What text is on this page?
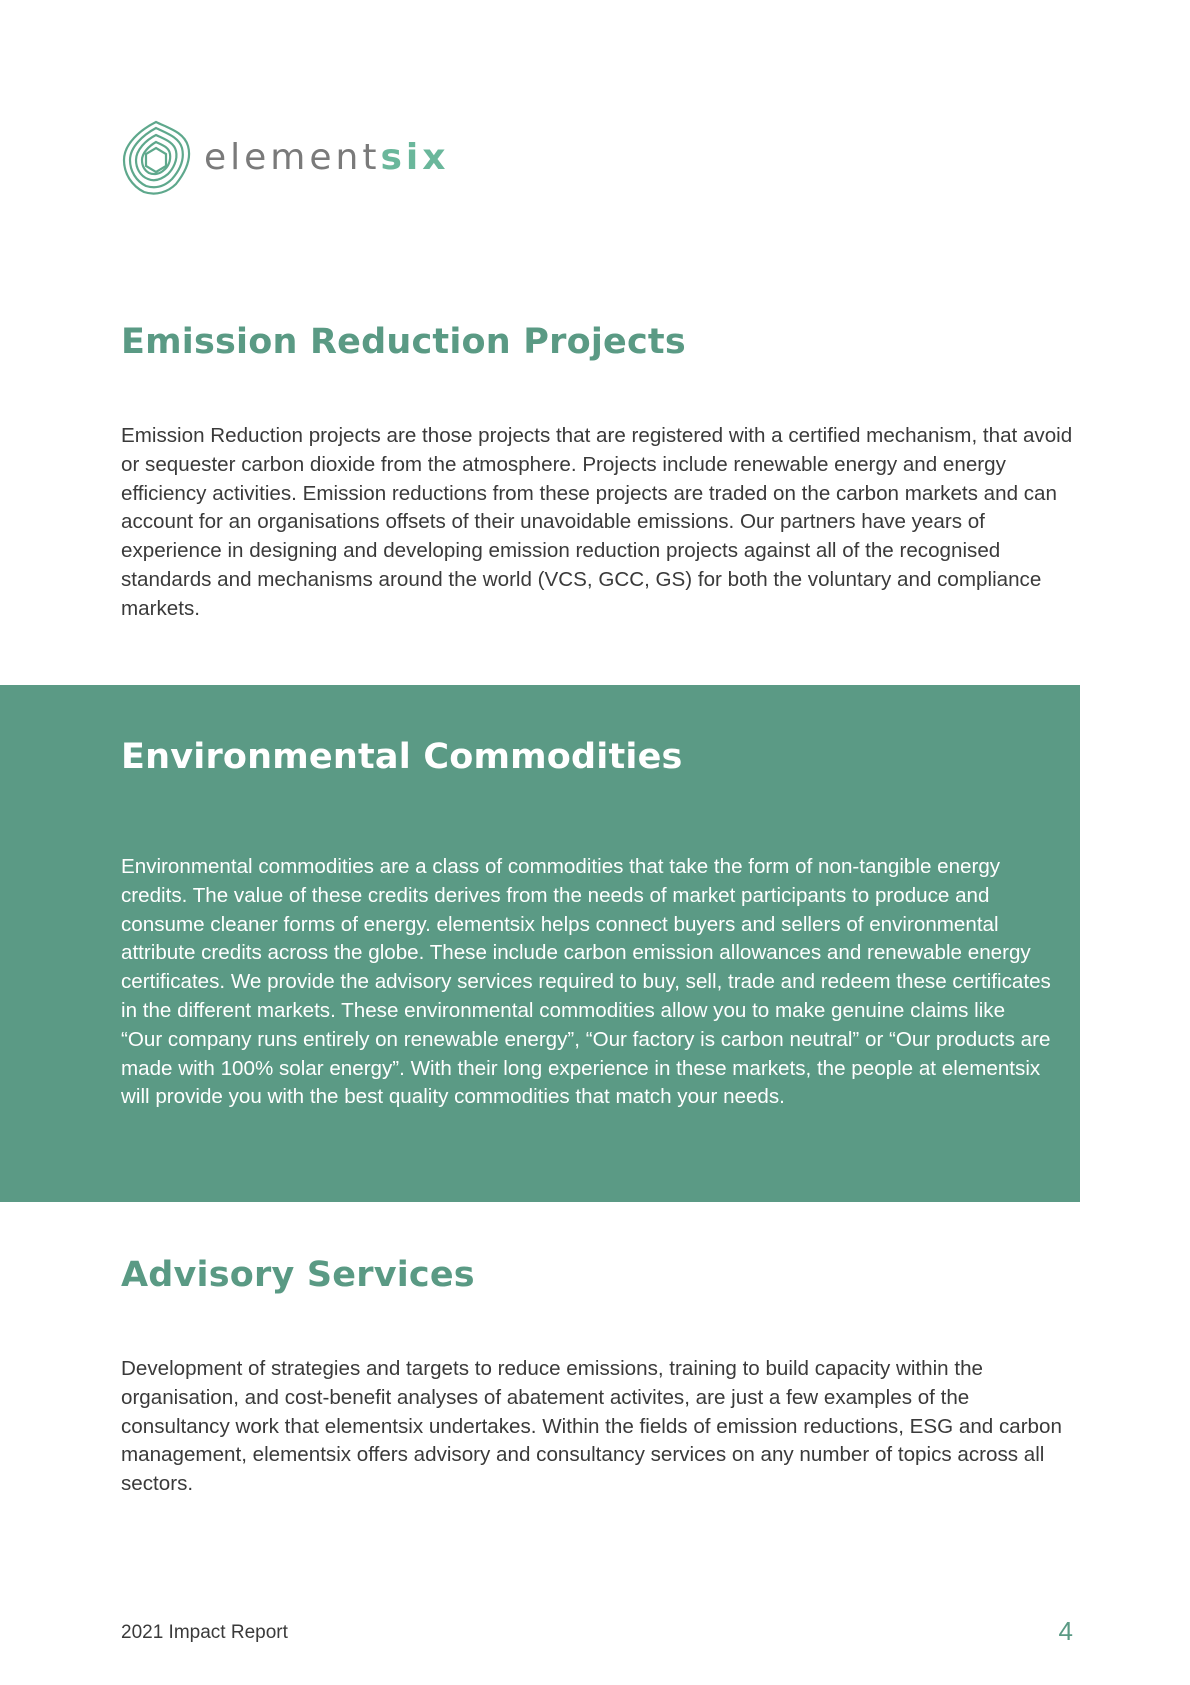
elementsix
Emission Reduction Projects

Emission Reduction projects are those projects that are registered with a certified mechanism, that avoid or sequester carbon dioxide from the atmosphere. Projects include renewable energy and energy efficiency activities. Emission reductions from these projects are traded on the carbon markets and can account for an organisations offsets of their unavoidable emissions. Our partners have years of experience in designing and developing emission reduction projects against all of the recognised standards and mechanisms around the world (VCS, GCC, GS) for both the voluntary and compliance markets.

Environmental Commodities

Environmental commodities are a class of commodities that take the form of non-tangible energy credits. The value of these credits derives from the needs of market participants to produce and consume cleaner forms of energy. elementsix helps connect buyers and sellers of environmental attribute credits across the globe. These include carbon emission allowances and renewable energy certificates. We provide the advisory services required to buy, sell, trade and redeem these certificates in the different markets. These environmental commodities allow you to make genuine claims like “Our company runs entirely on renewable energy”, “Our factory is carbon neutral” or “Our products are made with 100% solar energy”. With their long experience in these markets, the people at elementsix will provide you with the best quality commodities that match your needs.

Advisory Services

Development of strategies and targets to reduce emissions, training to build capacity within the organisation, and cost-benefit analyses of abatement activites, are just a few examples of the consultancy work that elementsix undertakes. Within the fields of emission reductions, ESG and carbon management, elementsix offers advisory and consultancy services on any number of topics across all sectors.

2021 Impact Report	4
